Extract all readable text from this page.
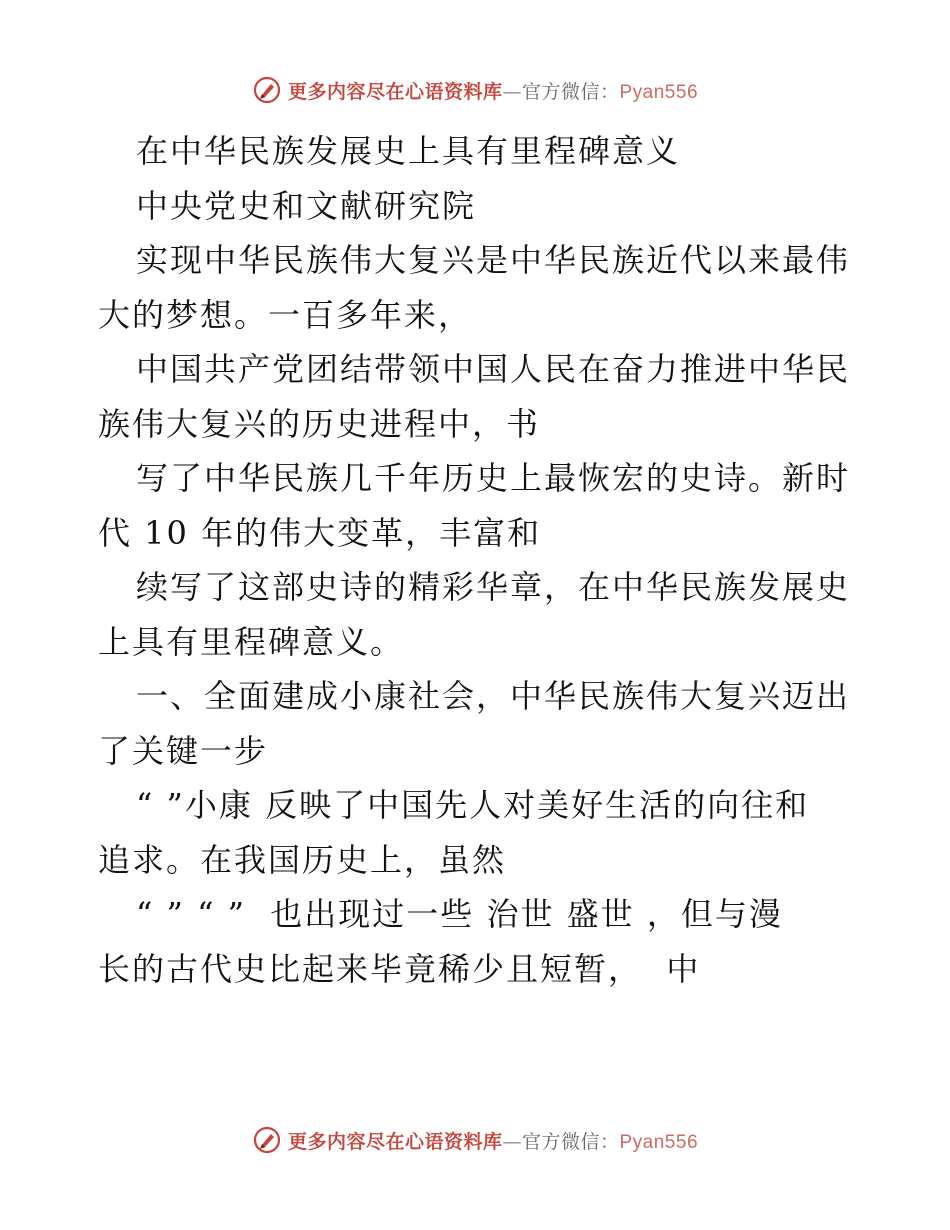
更多内容尽在心语资料库—官方微信：Pyan556
在中华民族发展史上具有里程碑意义
中央党史和文献研究院
实现中华民族伟大复兴是中华民族近代以来最伟
大的梦想。一百多年来，
中国共产党团结带领中国人民在奋力推进中华民
族伟大复兴的历史进程中，书
写了中华民族几千年历史上最恢宏的史诗。新时
代 10 年的伟大变革，丰富和
续写了这部史诗的精彩华章，在中华民族发展史
上具有里程碑意义。
一、全面建成小康社会，中华民族伟大复兴迈出
了关键一步
“ ”小康 反映了中国先人对美好生活的向往和
追求。在我国历史上，虽然
“ ” “ ”  也出现过一些 治世 盛世 ，但与漫
长的古代史比起来毕竟稀少且短暂，  中
更多内容尽在心语资料库—官方微信：Pyan556
